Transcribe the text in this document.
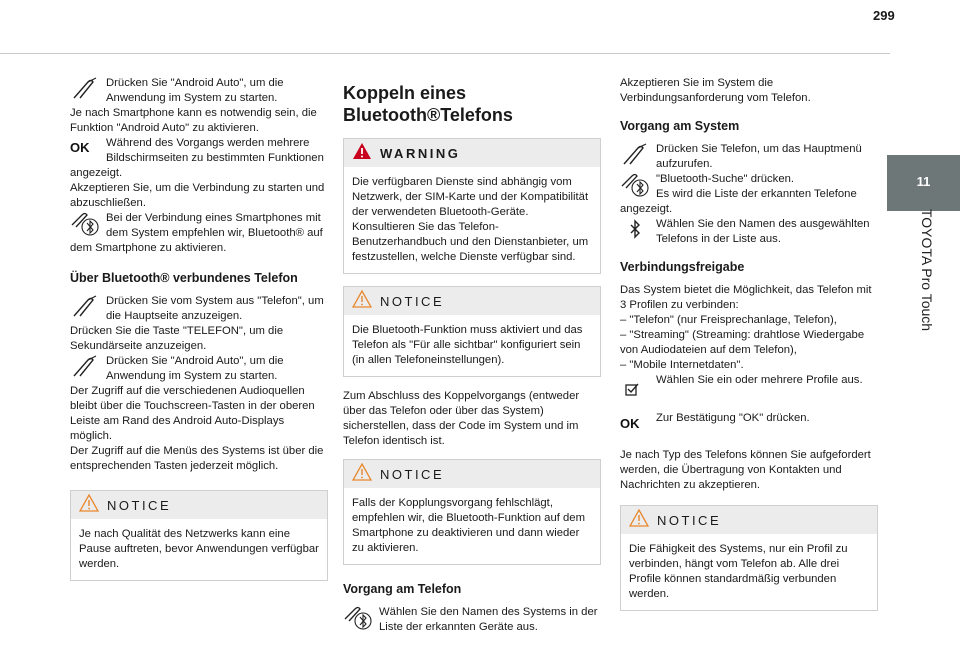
299
11
TOYOTA Pro Touch

Drücken Sie "Android Auto", um die Anwendung im System zu starten.

Je nach Smartphone kann es notwendig sein, die Funktion "Android Auto" zu aktivieren.

OK	Während des Vorgangs werden mehrere Bildschirmseiten zu bestimmten Funktionen angezeigt.

Akzeptieren Sie, um die Verbindung zu starten und abzuschließen.

Bei der Verbindung eines Smartphones mit dem System empfehlen wir, Bluetooth® auf dem Smartphone zu aktivieren.

Über Bluetooth® verbundenes Telefon

Drücken Sie vom System aus "Telefon", um die Hauptseite anzuzeigen.

Drücken Sie die Taste "TELEFON", um die Sekundärseite anzuzeigen.

Drücken Sie "Android Auto", um die Anwendung im System zu starten.

Der Zugriff auf die verschiedenen Audioquellen bleibt über die Touchscreen-Tasten in der oberen Leiste am Rand des Android Auto-Displays möglich.

Der Zugriff auf die Menüs des Systems ist über die entsprechenden Tasten jederzeit möglich.

NOTICE

Je nach Qualität des Netzwerks kann eine Pause auftreten, bevor Anwendungen verfügbar werden.

Koppeln eines
Bluetooth®Telefons
WARNING

Die verfügbaren Dienste sind abhängig vom Netzwerk, der SIM-Karte und der Kompatibilität der verwendeten Bluetooth-Geräte. Konsultieren Sie das Telefon-Benutzerhandbuch und den Dienstanbieter, um festzustellen, welche Dienste verfügbar sind.

NOTICE

Die Bluetooth-Funktion muss aktiviert und das Telefon als "Für alle sichtbar" konfiguriert sein (in allen Telefoneinstellungen).

Zum Abschluss des Koppelvorgangs (entweder über das Telefon oder über das System) sicherstellen, dass der Code im System und im Telefon identisch ist.

NOTICE

Falls der Kopplungsvorgang fehlschlägt, empfehlen wir, die Bluetooth-Funktion auf dem Smartphone zu deaktivieren und dann wieder zu aktivieren.

Vorgang am Telefon

Wählen Sie den Namen des Systems in der Liste der erkannten Geräte aus.

Akzeptieren Sie im System die Verbindungsanforderung vom Telefon.

Vorgang am System

Drücken Sie Telefon, um das Hauptmenü aufzurufen.

"Bluetooth-Suche" drücken.

Es wird die Liste der erkannten Telefone angezeigt.

Wählen Sie den Namen des ausgewählten Telefons in der Liste aus.

Verbindungsfreigabe

Das System bietet die Möglichkeit, das Telefon mit 3 Profilen zu verbinden:

– "Telefon" (nur Freisprechanlage, Telefon),

– "Streaming" (Streaming: drahtlose Wiedergabe von Audiodateien auf dem Telefon),

– "Mobile Internetdaten".

Wählen Sie ein oder mehrere Profile aus.

OK	Zur Bestätigung "OK" drücken.

Je nach Typ des Telefons können Sie aufgefordert werden, die Übertragung von Kontakten und Nachrichten zu akzeptieren.

NOTICE

Die Fähigkeit des Systems, nur ein Profil zu verbinden, hängt vom Telefon ab. Alle drei Profile können standardmäßig verbunden werden.
